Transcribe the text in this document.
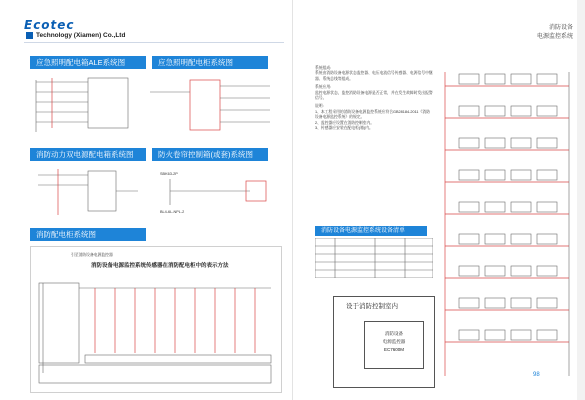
Ecotec
Technology (Xiamen) Co.,Ltd
应急照明配电箱ALE系统图	应急照明配电柜系统图
消防动力双电源配电箱系统图	防火卷帘控制箱(或套)系统图
SBK63-2P
BL4-6L-NPL-2
消防配电柜系统图
引至消防设备电源监控器
消防设备电源监控系统传感器在消防配电柜中的表示方法
消防设备
电源监控系统
系统组成:
系统由消防设备电源状态监控器、电压电流信号传感器、电源信号中继器、系统总线等组成。
系统应用:
监控电源状态，监控消防设备电源是否正常，并在发生故障时发出报警信号。
说明:
1、本工程采用的消防设备电源监控系统应符合GB28184-2011《消防设备电源监控系统》的规定。
2、监控器应设置在消防控制室内。
3、传感器应安装在配电柜(箱)内。
消防设备电源监控系统设备清单
设于消防控制室内
消防设备
电源监控器
EC7600M
98
